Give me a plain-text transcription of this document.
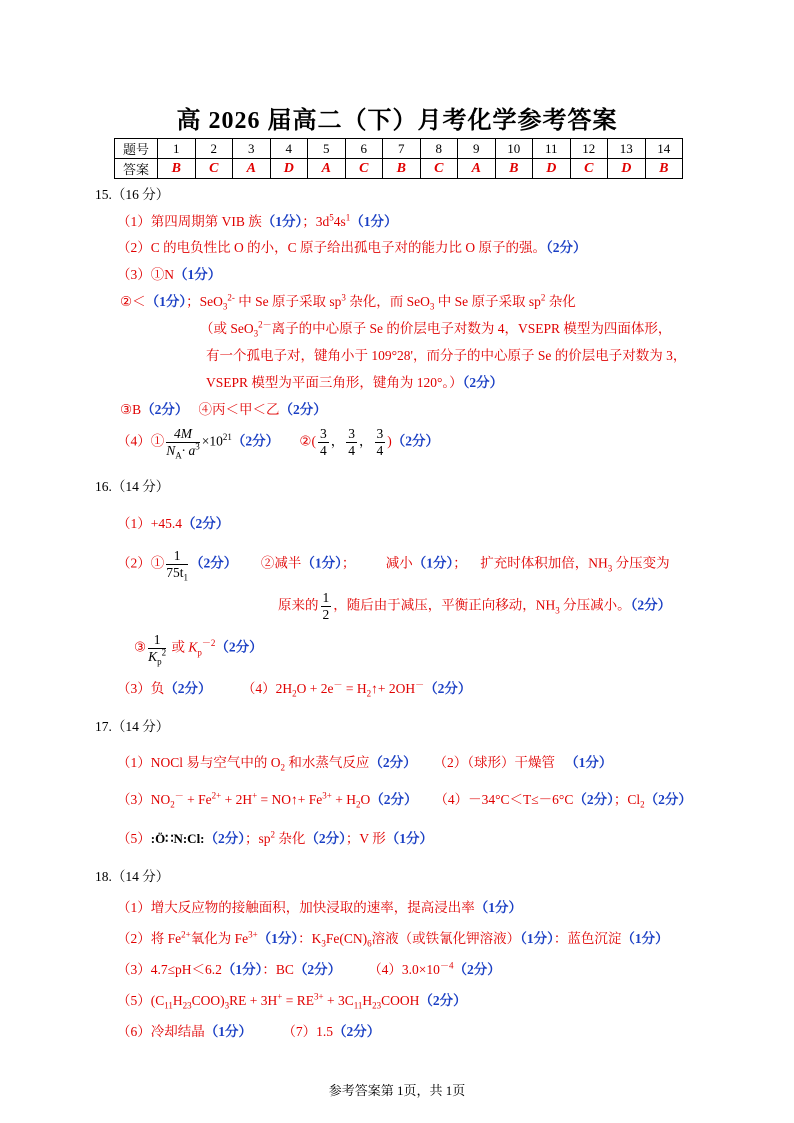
高 2026 届高二（下）月考化学参考答案
题号	1	2	3	4	5	6	7	8	9	10	11	12	13	14
答案	B	C	A	D	A	C	B	C	A	B	D	C	D	B
15.（16 分）
（1）第四周期第 VIB 族（1分）；$3d^54s^1(1$分）
（2）C 的电负性比 O 的小，C 原子给出孤电子对的能力比 O 原子的强。（2分）
（3）①N（1分）
②＜（1分）；SeO$_3^{2-}$ 中 Se 原子采取 $sp^3$ 杂化，而 SeO$_3$ 中 Se 原子采取 $sp^2$ 杂化
（或 SeO$_3^{2-}$离子的中心原子 Se 的价层电子对数为 4，VSEPR 模型为四面体形，
有一个孤电子对，键角小于 109°28'，而分子的中心原子 Se 的价层电子对数为 3，
VSEPR 模型为平面三角形，键角为 120°。）（2分）
③B（2分） ④丙＜甲＜乙（2分）
（4）① $\frac{4M}{N_A\cdot a^3} \times 10^{21}(2$分） ②( $\frac{3}{4}$ ， $\frac{3}{4}$ ， $\frac{3}{4} )(2$分）
16.（14 分）
（1）+45.4（2分）
（2）① $\frac{1}{75t_1} (2$分） ②减半（1分）； 减小（1分）； 扩充时体积加倍，$NH_3$ 分压变为
原来的 $\frac{1}{2}$ ，随后由于减压，平衡正向移动，$NH_3$ 分压减小。（2分）
③ $\frac{1}{K_p^2}$ 或 $K_p^{-2}(2$分）
（3）负（2分） $(4)2H_2O + 2e^-$ = $H_2↑+ 2OH^-(2$分）
17.（14 分）
（1）NOCl 易与空气中的 $O_2$ 和水蒸气反应（2分） （2）（球形）干燥管 （1分）
$(3)NO_2^- + Fe^{2+} + 2H^+$ = NO↑+ $Fe^{3+} + H_2O(2$分） （4）－34°C＜T≤－6°C（2分）；$Cl_2(2$分）
（5）:Ö∷N:Cl:（2分）；$sp^2$ 杂化（2分）；V 形（1分）
18.（14 分）
（1）增大反应物的接触面积，加快浸取的速率，提高浸出率（1分）
（2）将 $Fe^{2+}$氧化为 $Fe^{3+}(1$分）：$K_3Fe(CN)_6$溶液（或铁氰化钾溶液）（1分）：蓝色沉淀（1分）
（3）4.7≤pH＜6.2（1分）：BC（2分） $(4)3.0\times 10^{-4}(2$分）
$(5)(C_{11}H_{23}COO)_3RE + 3H^+ = RE^{3+}$ + $3C_{11}H_{23}COOH(2$分）
（6）冷却结晶（1分） （7）1.5（2分）
参考答案第 1页，共 1页
